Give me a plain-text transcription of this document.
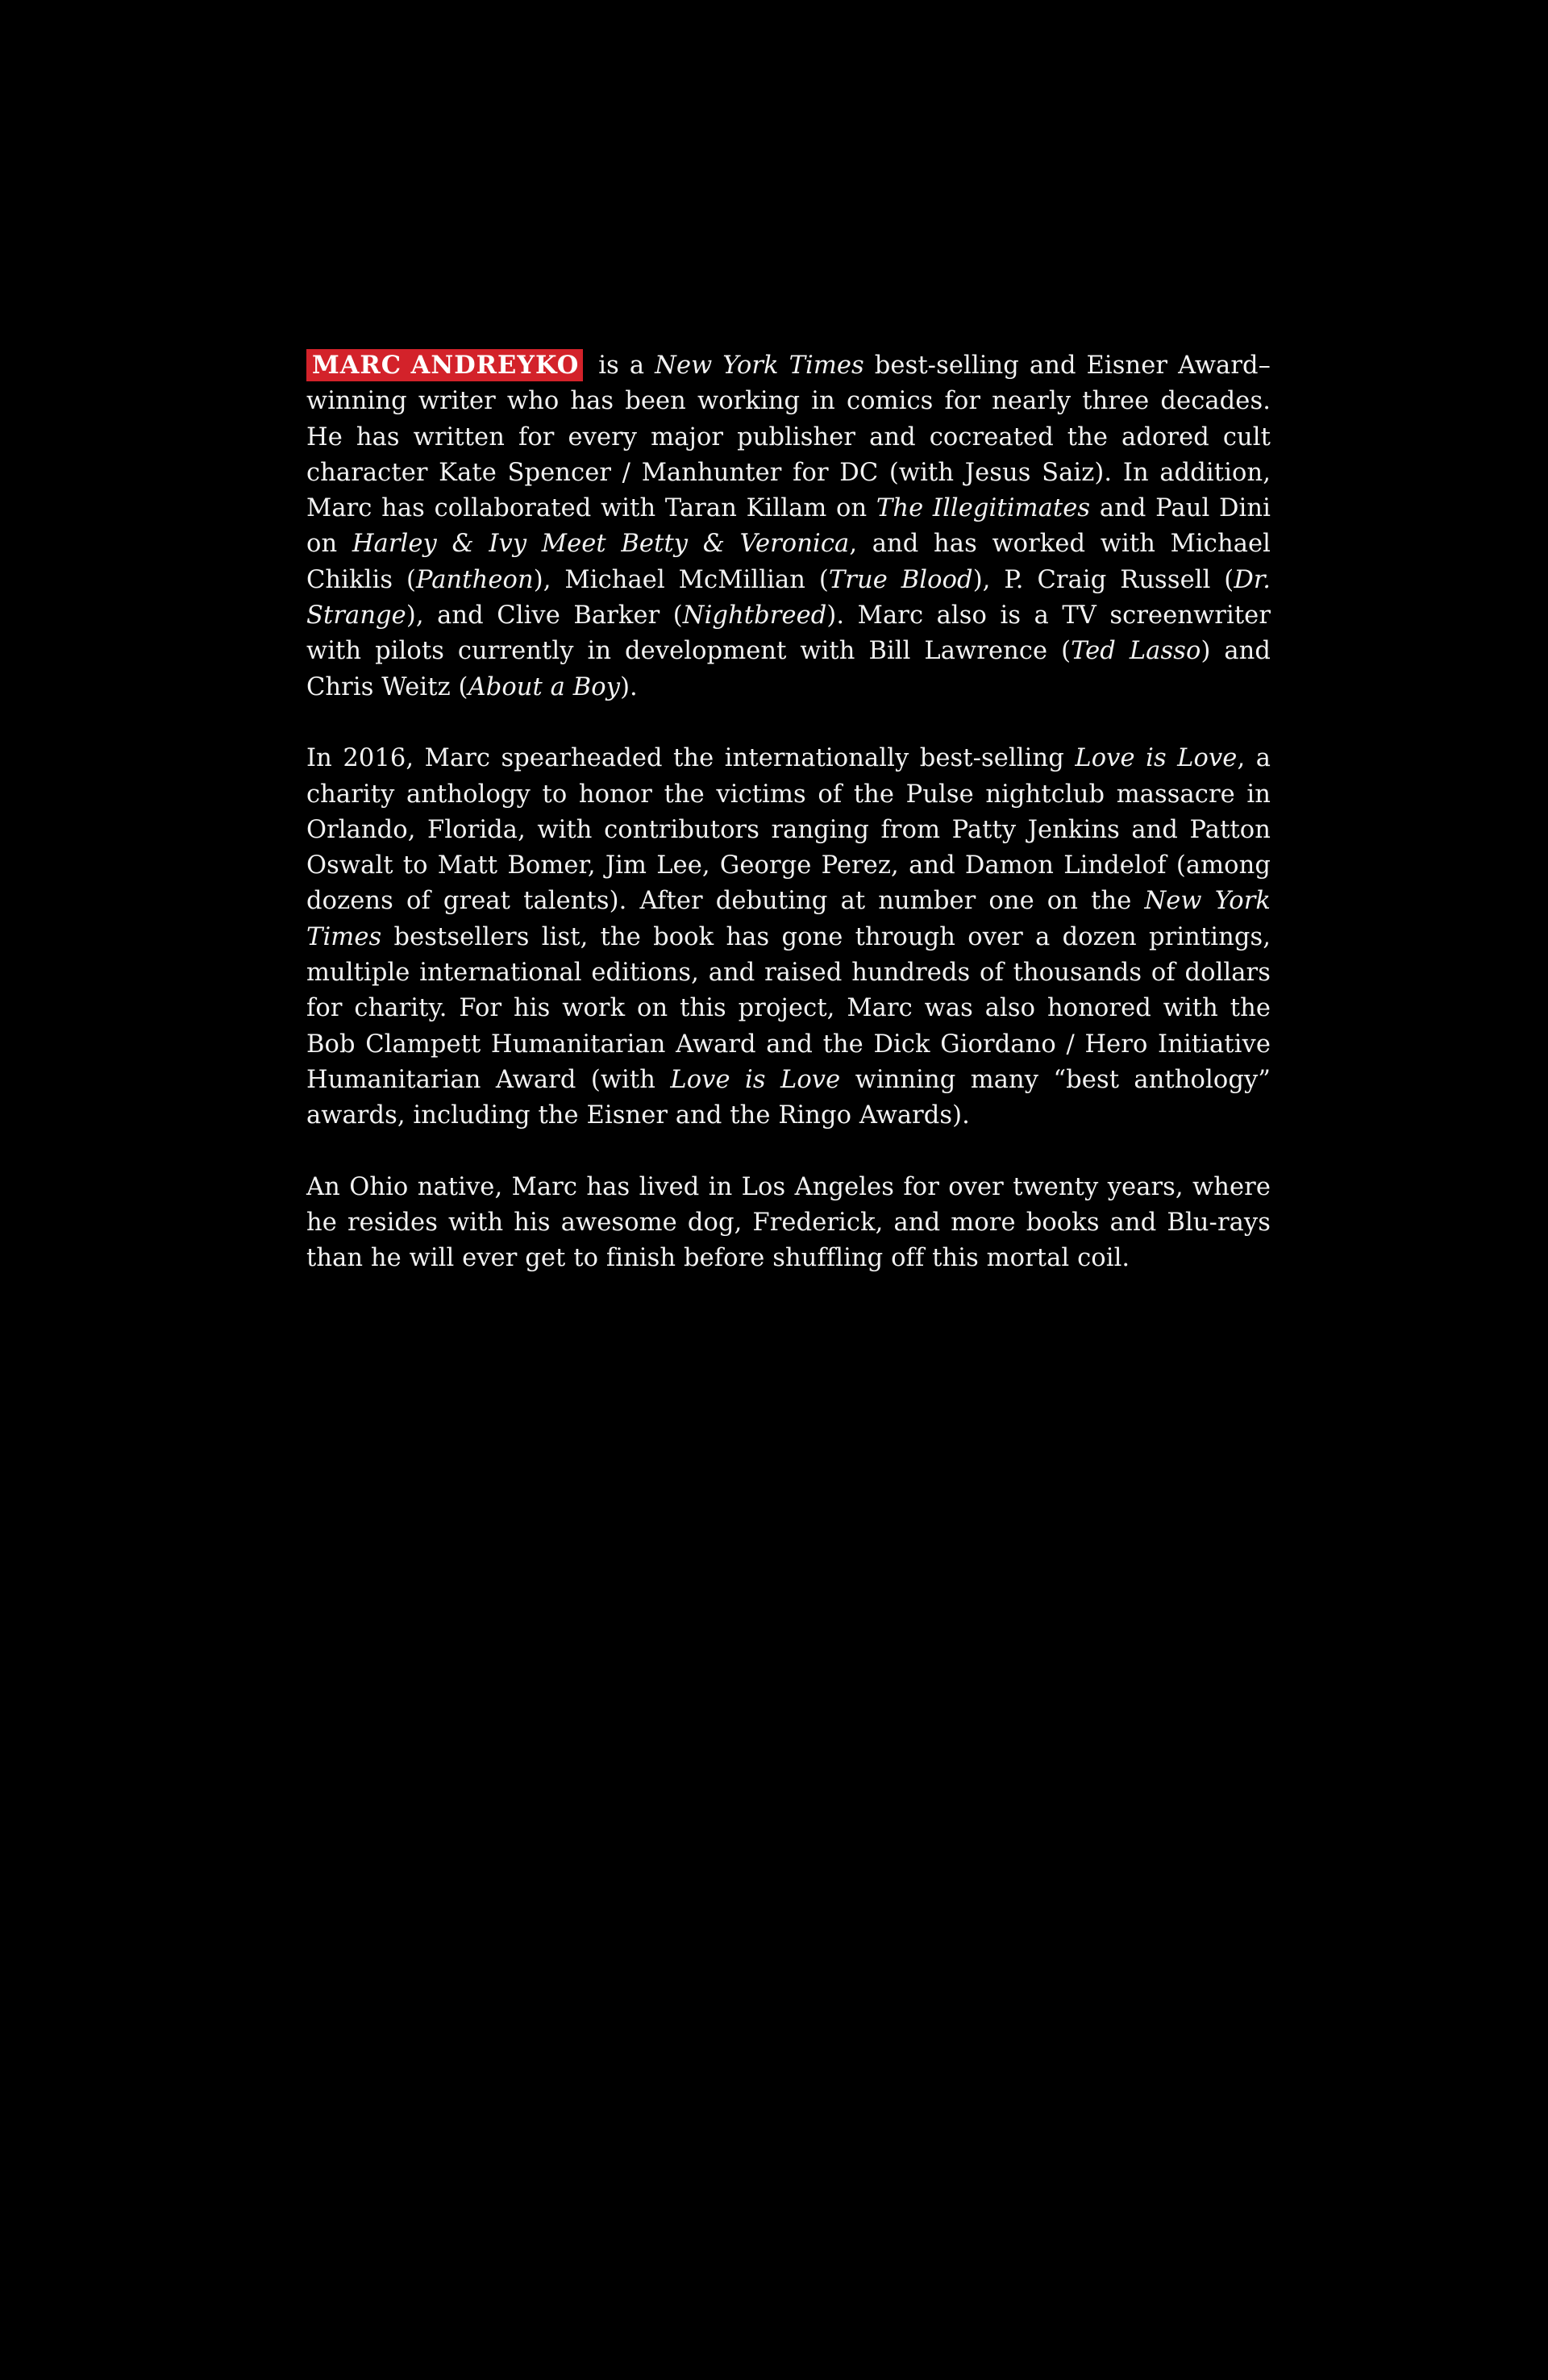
MARC ANDREYKO is a New York Times best-selling and Eisner Award–winning writer who has been working in comics for nearly three decades. He has written for every major publisher and cocreated the adored cult character Kate Spencer / Manhunter for DC (with Jesus Saiz). In addition, Marc has collaborated with Taran Killam on The Illegitimates and Paul Dini on Harley & Ivy Meet Betty & Veronica, and has worked with Michael Chiklis (Pantheon), Michael McMillian (True Blood), P. Craig Russell (Dr. Strange), and Clive Barker (Nightbreed). Marc also is a TV screenwriter with pilots currently in development with Bill Lawrence (Ted Lasso) and Chris Weitz (About a Boy).

In 2016, Marc spearheaded the internationally best-selling Love is Love, a charity anthology to honor the victims of the Pulse nightclub massacre in Orlando, Florida, with contributors ranging from Patty Jenkins and Patton Oswalt to Matt Bomer, Jim Lee, George Perez, and Damon Lindelof (among dozens of great talents). After debuting at number one on the New York Times bestsellers list, the book has gone through over a dozen printings, multiple international editions, and raised hundreds of thousands of dollars for charity. For his work on this project, Marc was also honored with the Bob Clampett Humanitarian Award and the Dick Giordano / Hero Initiative Humanitarian Award (with Love is Love winning many “best anthology” awards, including the Eisner and the Ringo Awards).

An Ohio native, Marc has lived in Los Angeles for over twenty years, where he resides with his awesome dog, Frederick, and more books and Blu-rays than he will ever get to finish before shuffling off this mortal coil.
